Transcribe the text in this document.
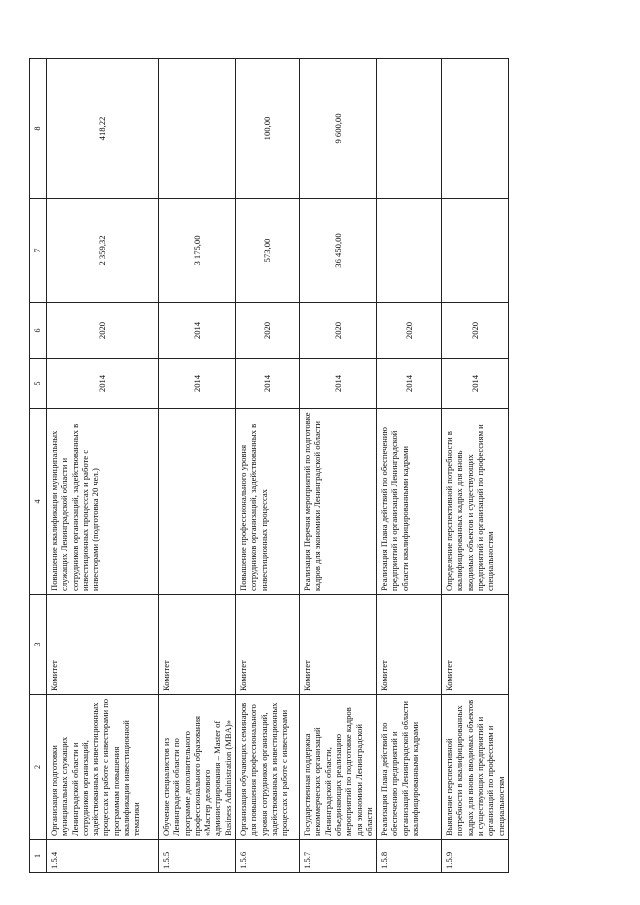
1	2	3	4	5	6	7	8
1.5.4	Организация подготовки муниципальных служащих Ленинградской области и сотрудников организаций, задействованных в инвестиционных процессах и работе с инвесторами по программам повышения квалификации инвестиционной тематики	Комитет	Повышение квалификации муниципальных служащих Ленинградской области и сотрудников организаций, задействованных в инвестиционных процессах и работе с инвесторами (подготовка 20 чел.)	2014	2020	2 359,32	418,22
1.5.5	Обучение специалистов из Ленинградской области по программе дополнительного профессионального образования «Мастер делового администрирования – Master of Business Administration (MBA)»	Комитет		2014	2014	3 175,00	
1.5.6	Организация обучающих семинаров для повышения профессионального уровня сотрудников организаций, задействованных в инвестиционных процессах и работе с инвесторами	Комитет	Повышение профессионального уровня сотрудников организаций, задействованных в инвестиционных процессах	2014	2020	573,00	100,00
1.5.7	Государственная поддержка некоммерческих организаций Ленинградской области, объединяющих реализацию мероприятий по подготовке кадров для экономики Ленинградской области	Комитет	Реализация Перечня мероприятий по подготовке кадров для экономики Ленинградской области	2014	2020	36 450,00	9 600,00
1.5.8	Реализация Плана действий по обеспечению предприятий и организаций Ленинградской области квалифицированными кадрами	Комитет	Реализация Плана действий по обеспечению предприятий и организаций Ленинградской области квалифицированными кадрами	2014	2020		
1.5.9	Выявление перспективной потребности в квалифицированных кадрах для вновь вводимых объектов и существующих предприятий и организаций по профессиям и специальностям	Комитет	Определение перспективной потребности в квалифицированных кадрах для вновь вводимых объектов и существующих предприятий и организаций по профессиям и специальностям	2014	2020		
